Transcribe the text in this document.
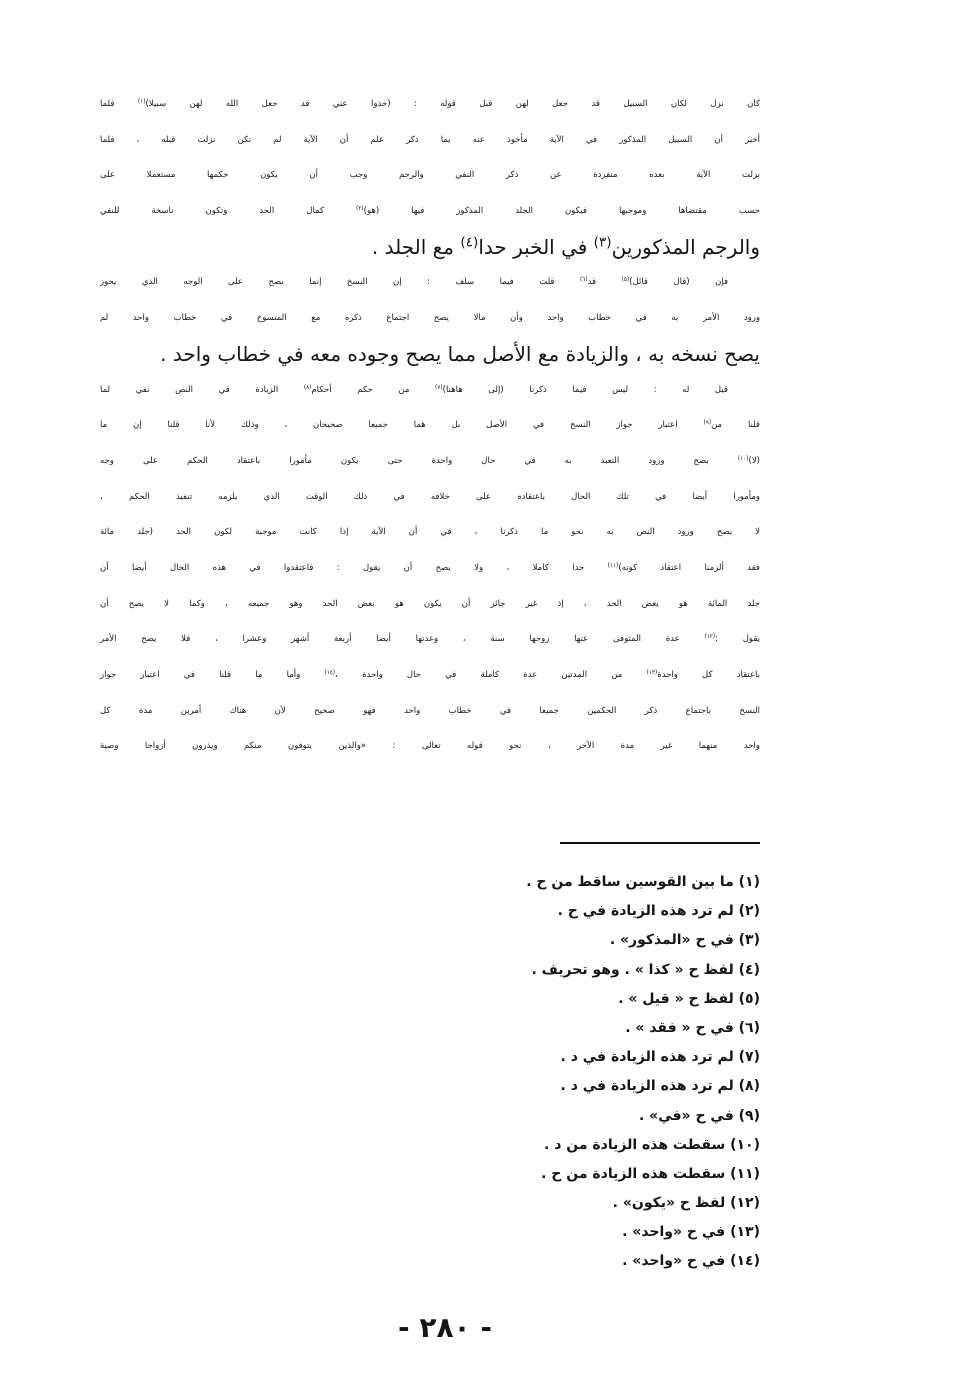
كان نزل لكان السبيل قد جعل لهن قبل قوله : (خذوا عني قد جعل الله لهن سبيلا)$^{(١)}$ فلما
أخبر أن السبيل المذكور في الآية مأخوذ عنه بما ذكر علم أن الآية لم تكن نزلت قبله ، فلما
نزلت الآية بعده منفردة عن ذكر النفي والرجم وجب أن يكون حكمها مستعملا على
حسب مقتضاها وموجبها فيكون الجلد المذكور فيها (هو)$^{(٢)}$ كمال الحد وتكون ناسخة للنفي
والرجم المذكورين$^{(٣)}$ في الخبر حدا$^{(٤)}$ مع الجلد .
فإن (قال قائل)$^{(٥)}$ قد$^{(٦)}$ قلت فيما سلف : إن النسخ إنما يصح على الوجه الذي يجوز
ورود الأمر به في خطاب واحد وأن مالا يصح اجتماع ذكره مع المنسوخ في خطاب واحد لم
يصح نسخه به ، والزيادة مع الأصل مما يصح وجوده معه في خطاب واحد .
قيل له : ليس فيما ذكرنا (إلى هاهنا)$^{(٧)}$ من حكم أحكام$^{(٨)}$ الزيادة في النص نفي لما
قلنا من$^{(٩)}$ اعتبار جواز النسخ في الأصل بل هما جميعا صحيحان ، وذلك لأنا قلنا إن ما
(لا)$^{(١٠)}$ يصح ورود التعبد به في حال واحدة حتى يكون مأمورا باعتقاد الحكم على وجه
ومأمورا أيضا في تلك الحال باعتقاده على خلافه في ذلك الوقت الذي يلزمه تنفيذ الحكم ،
لا يصح ورود النص به نحو ما ذكرنا ، في أن الآية إذا كانت موجبة لكون الحد (جلد مائة
فقد ألزمنا اعتقاد كونه)$^{(١١)}$ حدا كاملا ، ولا يصح أن يقول : فاعتقدوا في هذه الحال أيضا أن
جلد المائة هو بعض الحد ، إذ غير جائز أن يكون هو بعض الحد وهو جميعه ، وكما لا يصح أن
يقول :$^{(١٢)}$ عدة المتوفى عنها زوجها سنة ، وعدتها أيضا أربعة أشهر وعشرا ، فلا يصح الأمر
باعتقاد كل واحدة$^{(١٣)}$ من المدتين عدة كاملة في حال واحدة ،$^{(١٤)}$ وأما ما قلنا في اعتبار جواز
النسخ باجتماع ذكر الحكمين جميعا في خطاب واحد فهو صحيح لأن هناك أمرين مدة كل
واحد منهما غير مدة الآخر ، نحو قوله تعالى : «والذين يتوفون منكم ويذرون أزواجا وصية
(١) ما بين القوسين ساقط من ح .
(٢) لم ترد هذه الزيادة في ح .
(٣) في ح «المذكور» .
(٤) لفظ ح « كذا » . وهو تحريف .
(٥) لفظ ح « قيل » .
(٦) في ح « فقد » .
(٧) لم ترد هذه الزيادة في د .
(٨) لم ترد هذه الزيادة في د .
(٩) في ح «في» .
(١٠) سقطت هذه الزيادة من د .
(١١) سقطت هذه الزيادة من ح .
(١٢) لفظ ح «يكون» .
(١٣) في ح «واحد» .
(١٤) في ح «واحد» .
- ٢٨٠ -
